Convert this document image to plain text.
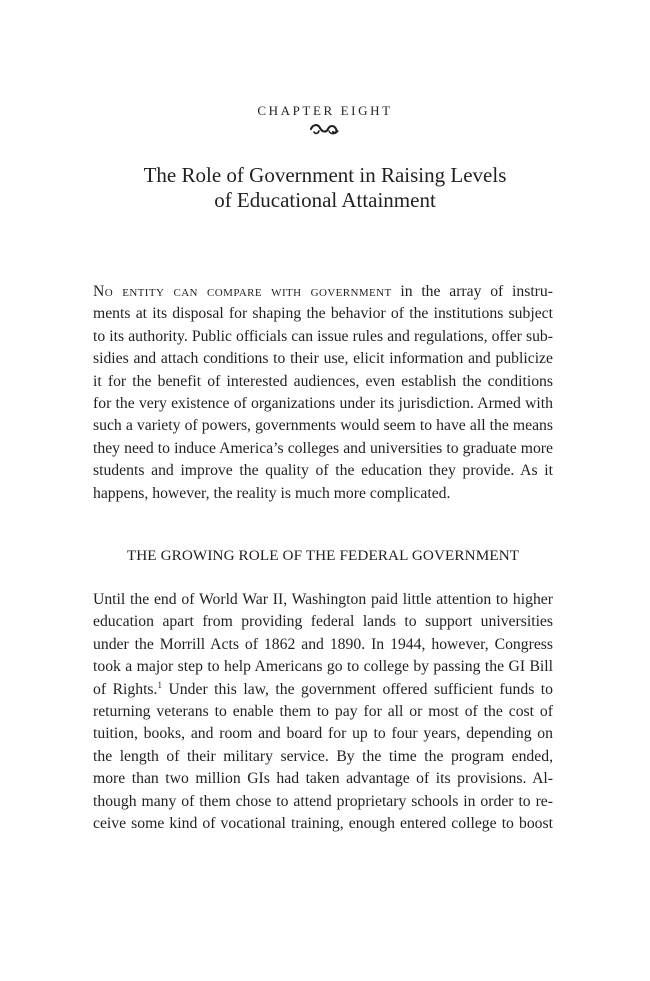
CHAPTER EIGHT
The Role of Government in Raising Levels
of Educational Attainment
No entity can compare with government in the array of instru-
ments at its disposal for shaping the behavior of the institutions subject
to its authority. Public officials can issue rules and regulations, offer sub-
sidies and attach conditions to their use, elicit information and publicize
it for the benefit of interested audiences, even establish the conditions
for the very existence of organizations under its jurisdiction. Armed with
such a variety of powers, governments would seem to have all the means
they need to induce America’s colleges and universities to graduate more
students and improve the quality of the education they provide. As it
happens, however, the reality is much more complicated.
THE GROWING ROLE OF THE FEDERAL GOVERNMENT
Until the end of World War II, Washington paid little attention to higher
education apart from providing federal lands to support universities
under the Morrill Acts of 1862 and 1890. In 1944, however, Congress
took a major step to help Americans go to college by passing the GI Bill
of Rights.$^1$ Under this law, the government offered sufficient funds to
returning veterans to enable them to pay for all or most of the cost of
tuition, books, and room and board for up to four years, depending on
the length of their military service. By the time the program ended,
more than two million GIs had taken advantage of its provisions. Al-
though many of them chose to attend proprietary schools in order to re-
ceive some kind of vocational training, enough entered college to boost
